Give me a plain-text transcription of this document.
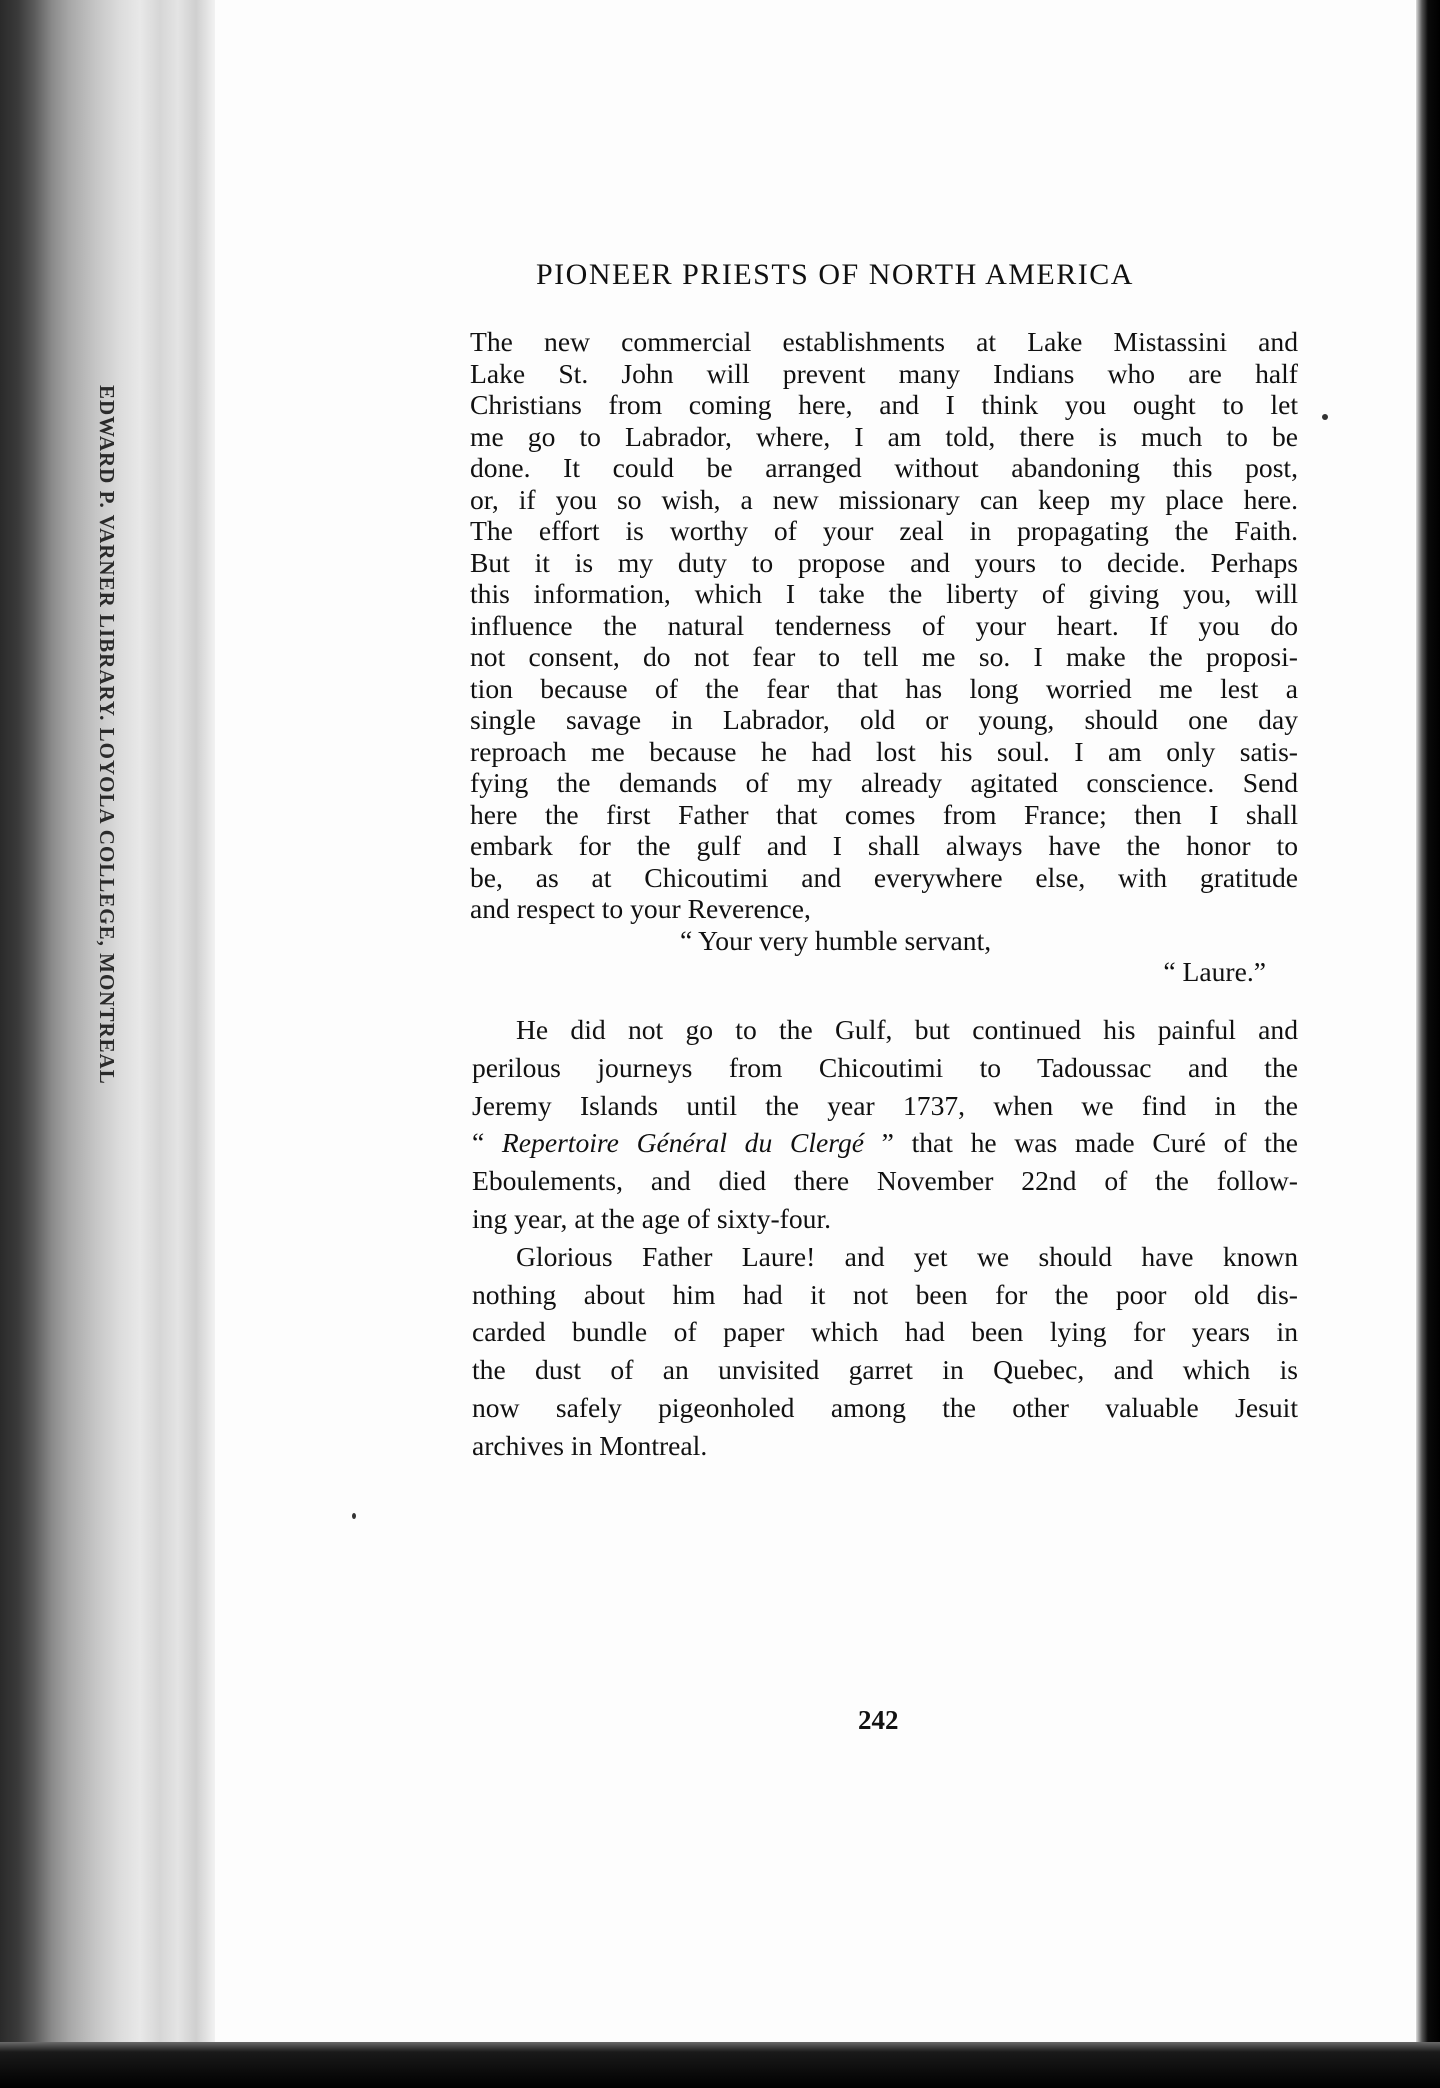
EDWARD P. VARNER LIBRARY. LOYOLA COLLEGE, MONTREAL
PIONEER PRIESTS OF NORTH AMERICA
The new commercial establishments at Lake Mistassini and
Lake St. John will prevent many Indians who are half
Christians from coming here, and I think you ought to let
me go to Labrador, where, I am told, there is much to be
done. It could be arranged without abandoning this post,
or, if you so wish, a new missionary can keep my place here.
The effort is worthy of your zeal in propagating the Faith.
But it is my duty to propose and yours to decide. Perhaps
this information, which I take the liberty of giving you, will
influence the natural tenderness of your heart. If you do
not consent, do not fear to tell me so. I make the proposi-
tion because of the fear that has long worried me lest a
single savage in Labrador, old or young, should one day
reproach me because he had lost his soul. I am only satis-
fying the demands of my already agitated conscience. Send
here the first Father that comes from France; then I shall
embark for the gulf and I shall always have the honor to
be, as at Chicoutimi and everywhere else, with gratitude
and respect to your Reverence,
“ Your very humble servant,
“ Laure.”
He did not go to the Gulf, but continued his painful and
perilous journeys from Chicoutimi to Tadoussac and the
Jeremy Islands until the year 1737, when we find in the
“ Repertoire Général du Clergé ” that he was made Curé of the
Eboulements, and died there November 22nd of the follow-
ing year, at the age of sixty-four.
Glorious Father Laure! and yet we should have known
nothing about him had it not been for the poor old dis-
carded bundle of paper which had been lying for years in
the dust of an unvisited garret in Quebec, and which is
now safely pigeonholed among the other valuable Jesuit
archives in Montreal.
242
